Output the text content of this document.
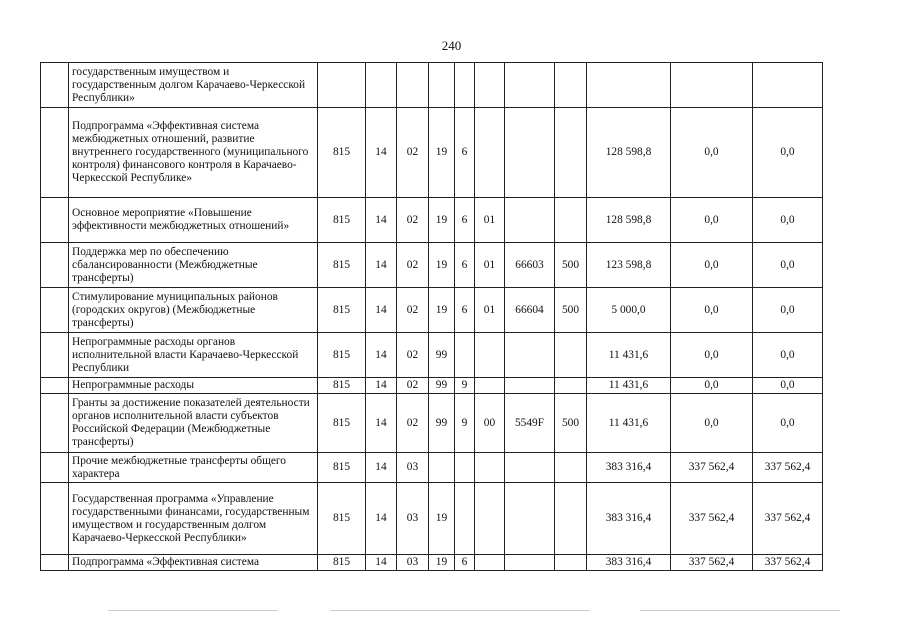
240
	государственным имуществом и государственным долгом Карачаево-Черкесской Республики»											
	Подпрограмма «Эффективная система межбюджетных отношений, развитие внутреннего государственного (муниципального контроля) финансового контроля в Карачаево-Черкесской Республике»	815	14	02	19	6				128 598,8	0,0	0,0
	Основное мероприятие «Повышение эффективности межбюджетных отношений»	815	14	02	19	6	01			128 598,8	0,0	0,0
	Поддержка мер по обеспечению сбалансированности (Межбюджетные трансферты)	815	14	02	19	6	01	66603	500	123 598,8	0,0	0,0
	Стимулирование муниципальных районов (городских округов) (Межбюджетные трансферты)	815	14	02	19	6	01	66604	500	5 000,0	0,0	0,0
	Непрограммные расходы органов исполнительной власти Карачаево-Черкесской Республики	815	14	02	99					11 431,6	0,0	0,0
	Непрограммные расходы	815	14	02	99	9				11 431,6	0,0	0,0
	Гранты за достижение показателей деятельности органов исполнительной власти субъектов Российской Федерации (Межбюджетные трансферты)	815	14	02	99	9	00	5549F	500	11 431,6	0,0	0,0
	Прочие межбюджетные трансферты общего характера	815	14	03						383 316,4	337 562,4	337 562,4
	Государственная программа «Управление государственными финансами, государственным имуществом и государственным долгом Карачаево-Черкесской Республики»	815	14	03	19					383 316,4	337 562,4	337 562,4
	Подпрограмма «Эффективная система	815	14	03	19	6				383 316,4	337 562,4	337 562,4
